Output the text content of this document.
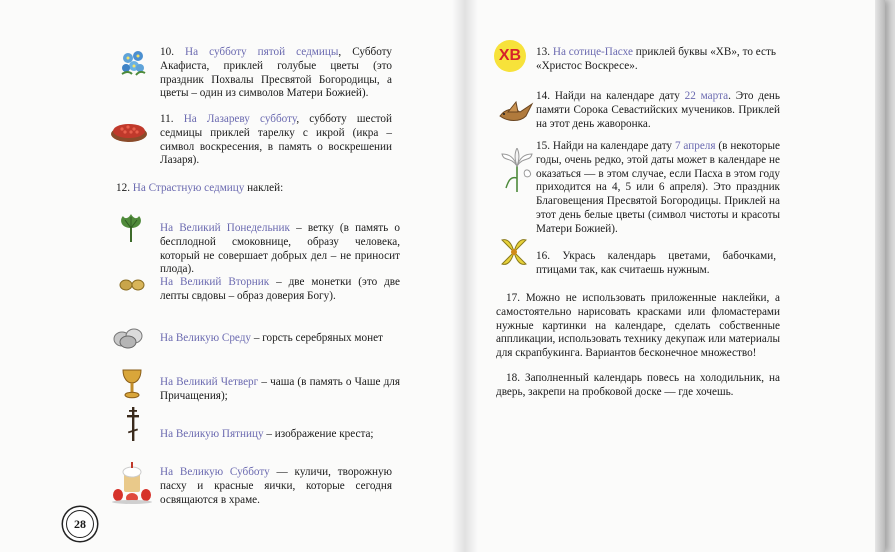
10. На субботу пятой седмицы, Субботу Акафиста, приклей голубые цветы (это праздник Похвалы Пресвятой Богородицы, а цветы – один из символов Матери Божией).

11. На Лазареву субботу, субботу шестой седмицы приклей тарелку с икрой (икра – символ воскресения, в память о воскрешении Лазаря).

12. На Страстную седмицу наклей:

На Великий Понедельник – ветку (в память о бесплодной смоковнице, образу человека, который не совершает добрых дел – не приносит плода).

На Великий Вторник – две монетки (это две лепты свдовы – образ доверия Богу).

На Великую Среду – горсть серебряных монет

На Великий Четверг – чаша (в память о Чаше для Причащения);

На Великую Пятницу – изображение креста;

На Великую Субботу — куличи, творожную пасху и красные яички, которые сегодня освящаются в храме.

28
ХВ 13. На сотице-Пасхе приклей буквы «ХВ», то есть «Христос Воскресе».

14. Найди на календаре дату 22 марта. Это день памяти Сорока Севастийских мучеников. Приклей на этот день жаворонка.

15. Найди на календаре дату 7 апреля (в некоторые годы, очень редко, этой даты может в календаре не оказаться — в этом случае, если Пасха в этом году приходится на 4, 5 или 6 апреля). Это праздник Благовещения Пресвятой Богородицы. Приклей на этот день белые цветы (символ чистоты и красоты Матери Божией).

16. Укрась календарь цветами, бабочками, птицами так, как считаешь нужным.

17. Можно не использовать приложенные наклейки, а самостоятельно нарисовать красками или фломастерами нужные картинки на календаре, сделать собственные аппликации, использовать технику декупаж или материалы для скрапбукинга. Вариантов бесконечное множество!

18. Заполненный календарь повесь на холодильник, на дверь, закрепи на пробковой доске — где хочешь.
